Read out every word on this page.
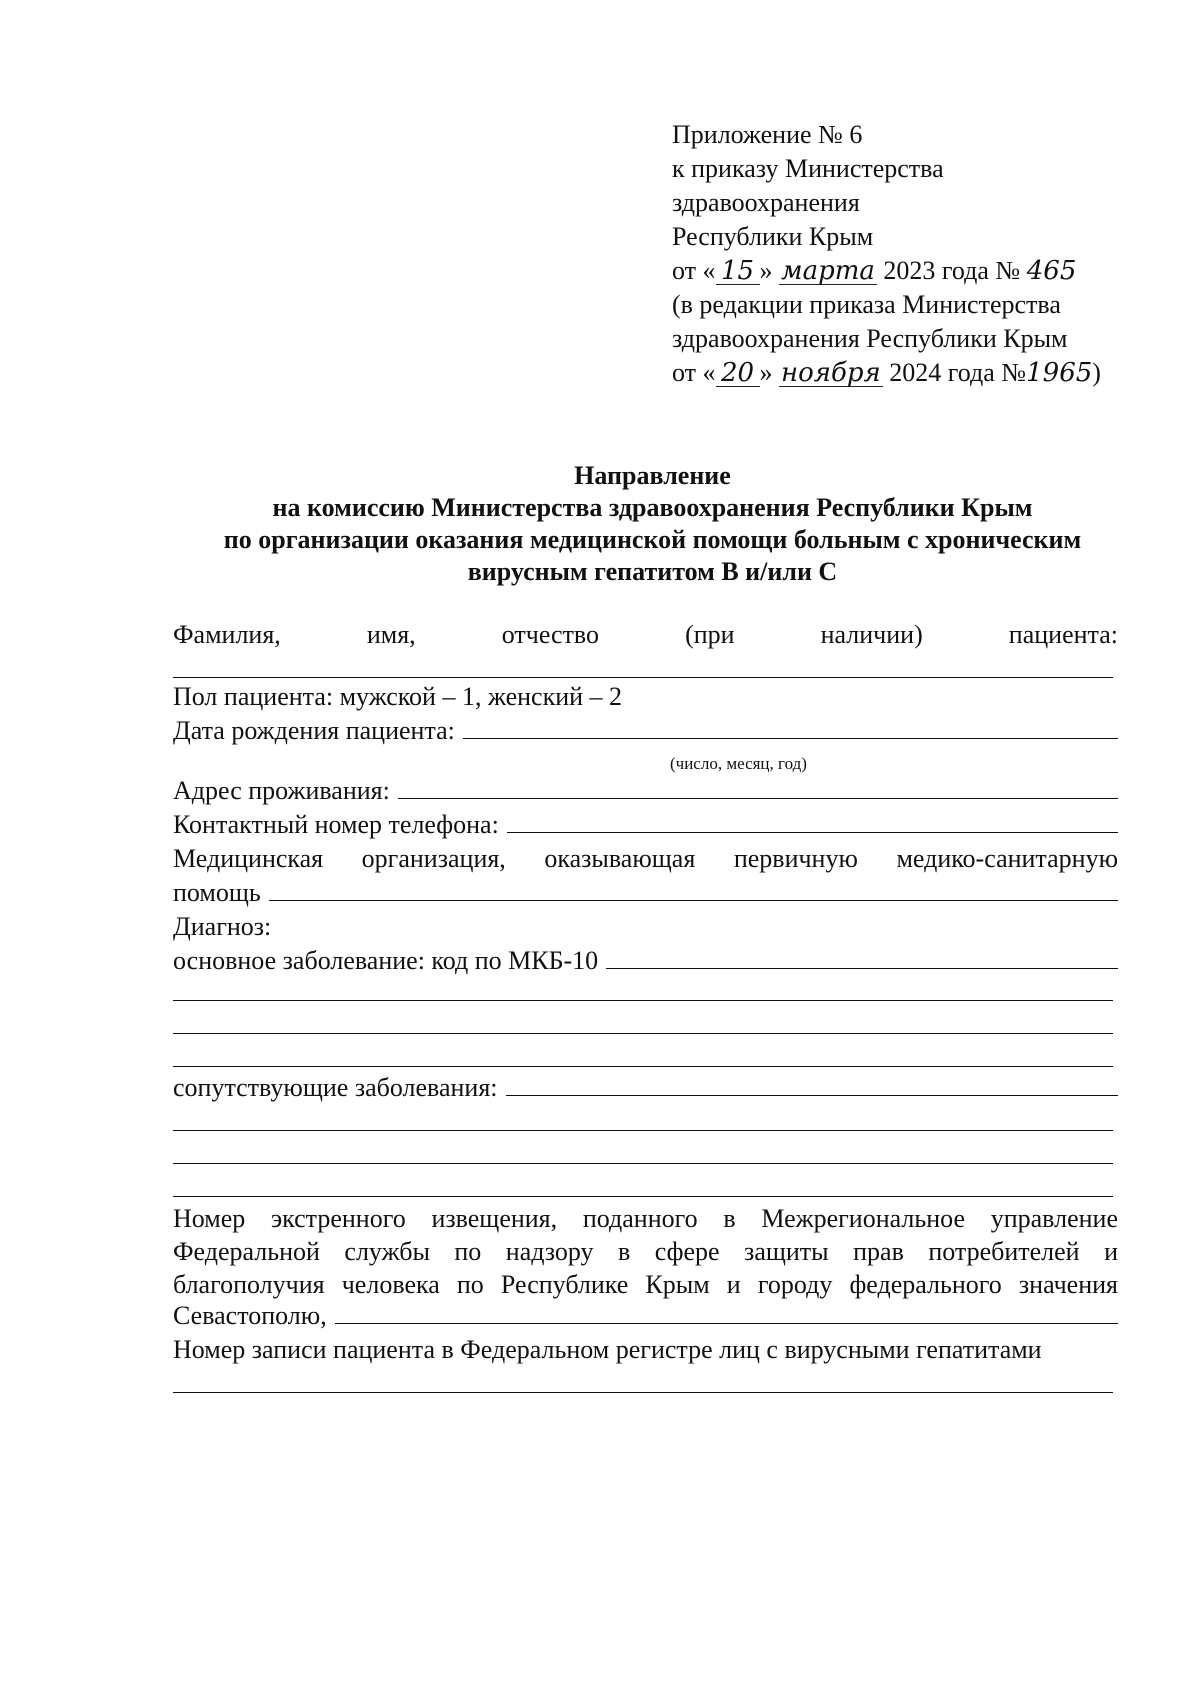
Приложение № 6
к приказу Министерства
здравоохранения
Республики Крым
от « 15 » марта 2023 года № 465
(в редакции приказа Министерства
здравоохранения Республики Крым
от « 20 » ноября 2024 года №1965)
Направление
на комиссию Министерства здравоохранения Республики Крым
по организации оказания медицинской помощи больным с хроническим
вирусным гепатитом В и/или С
Фамилия,	имя,	отчество	(при	наличии)	пациента:
Пол пациента: мужской – 1, женский – 2
Дата рождения пациента:
(число, месяц, год)
Адрес проживания:
Контактный номер телефона:
Медицинская организация, оказывающая первичную медико-санитарную
помощь
Диагноз:
основное заболевание: код по МКБ-10
сопутствующие заболевания:
Номер экстренного извещения, поданного в Межрегиональное управление
Федеральной службы по надзору в сфере защиты прав потребителей и
благополучия человека по Республике Крым и городу федерального значения
Севастополю,
Номер записи пациента в Федеральном регистре лиц с вирусными гепатитами
